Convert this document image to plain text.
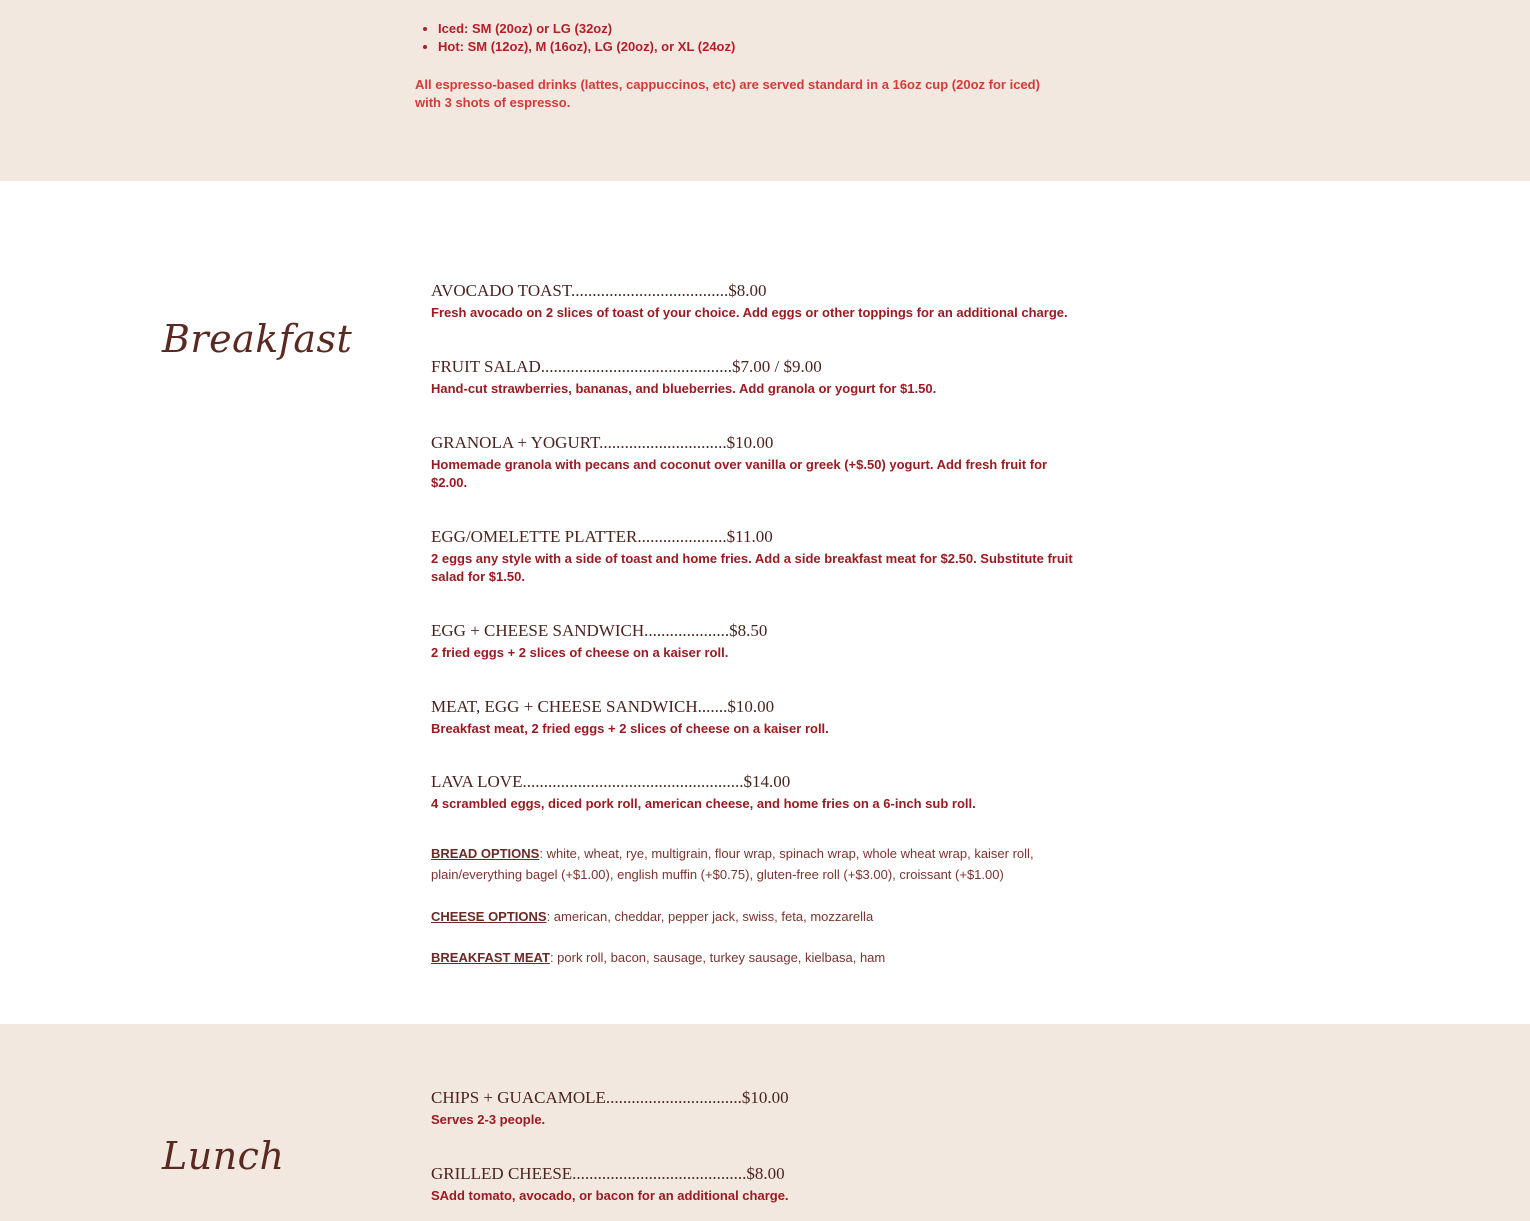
• Iced: SM (20oz) or LG (32oz)
• Hot: SM (12oz), M (16oz), LG (20oz), or XL (24oz)

All espresso-based drinks (lattes, cappuccinos, etc) are served standard in a 16oz cup (20oz for iced) with 3 shots of espresso.

Breakfast

AVOCADO TOAST.....................................$8.00

Fresh avocado on 2 slices of toast of your choice. Add eggs or other toppings for an additional charge.

FRUIT SALAD.............................................$7.00 / $9.00

Hand-cut strawberries, bananas, and blueberries. Add granola or yogurt for $1.50.

GRANOLA + YOGURT..............................$10.00

Homemade granola with pecans and coconut over vanilla or greek (+$.50) yogurt. Add fresh fruit for $2.00.

EGG/OMELETTE PLATTER.....................$11.00

2 eggs any style with a side of toast and home fries. Add a side breakfast meat for $2.50. Substitute fruit salad for $1.50.

EGG + CHEESE SANDWICH....................$8.50

2 fried eggs + 2 slices of cheese on a kaiser roll.

MEAT, EGG + CHEESE SANDWICH.......$10.00

Breakfast meat, 2 fried eggs + 2 slices of cheese on a kaiser roll.

LAVA LOVE....................................................$14.00

4 scrambled eggs, diced pork roll, american cheese, and home fries on a 6-inch sub roll.

BREAD OPTIONS: white, wheat, rye, multigrain, flour wrap, spinach wrap, whole wheat wrap, kaiser roll, plain/everything bagel (+$1.00), english muffin (+$0.75), gluten-free roll (+$3.00), croissant (+$1.00)

CHEESE OPTIONS: american, cheddar, pepper jack, swiss, feta, mozzarella

BREAKFAST MEAT: pork roll, bacon, sausage, turkey sausage, kielbasa, ham

Lunch

CHIPS + GUACAMOLE................................$10.00

Serves 2-3 people.

GRILLED CHEESE.........................................$8.00

SAdd tomato, avocado, or bacon for an additional charge.
